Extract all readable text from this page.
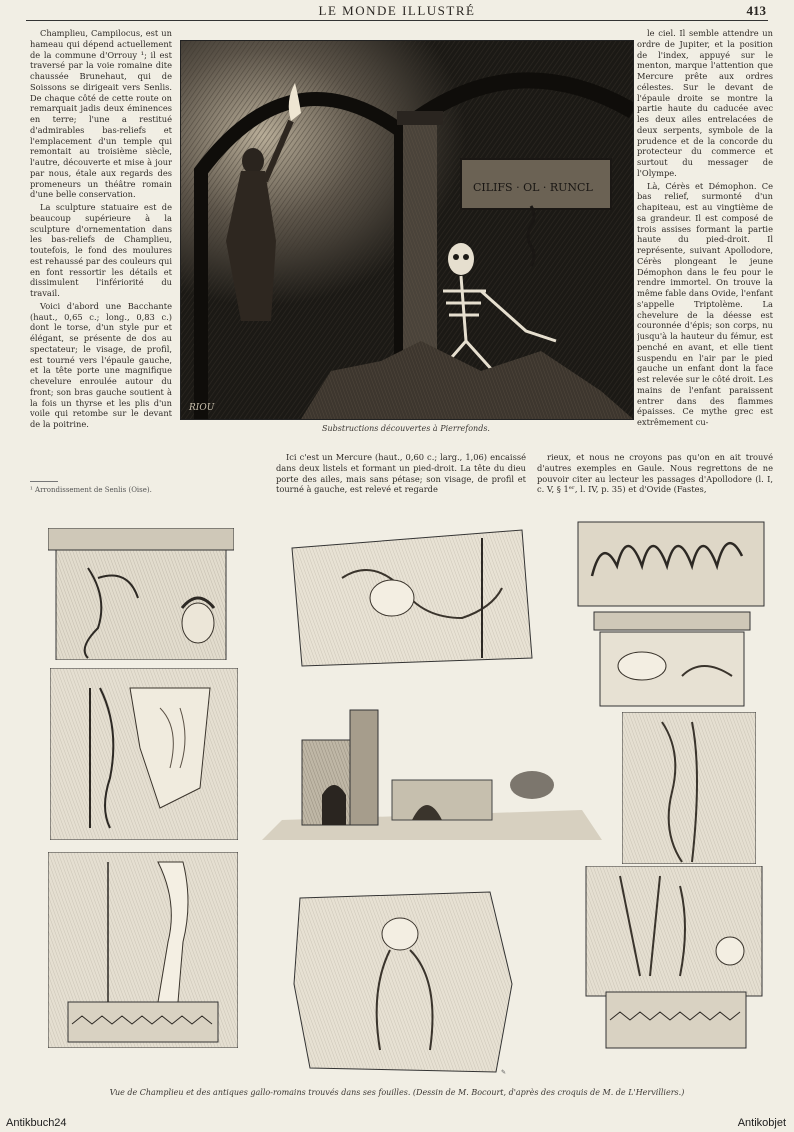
LE MONDE ILLUSTRÉ	413

Champlieu, Campilocus, est un hameau qui dépend actuellement de la commune d'Orrouy ¹; il est traversé par la voie romaine dite chaussée Brunehaut, qui de Soissons se dirigeait vers Senlis. De chaque côté de cette route on remarquait jadis deux éminences en terre; l'une a restitué d'admirables bas-reliefs et l'emplacement d'un temple qui remontait au troisième siècle, l'autre, découverte et mise à jour par nous, étale aux regards des promeneurs un théâtre romain d'une belle conservation.

La sculpture statuaire est de beaucoup supérieure à la sculpture d'ornementation dans les bas-reliefs de Champlieu, toutefois, le fond des moulures est rehaussé par des couleurs qui en font ressortir les détails et dissimulent l'infériorité du travail.

Voici d'abord une Bacchante (haut., 0,65 c.; long., 0,83 c.) dont le torse, d'un style pur et élégant, se présente de dos au spectateur; le visage, de profil, est tourné vers l'épaule gauche, et la tête porte une magnifique chevelure enroulée autour du front; son bras gauche soutient à la fois un thyrse et les plis d'un voile qui retombe sur le devant de la poitrine.

CILIFS · OL · RUNCL
RIOU
Substructions découvertes à Pierrefonds.

le ciel. Il semble attendre un ordre de Jupiter, et la position de l'index, appuyé sur le menton, marque l'attention que Mercure prête aux ordres célestes. Sur le devant de l'épaule droite se montre la partie haute du caducée avec les deux ailes entrelacées de deux serpents, symbole de la prudence et de la concorde du protecteur du commerce et surtout du messager de l'Olympe.

Là, Cérès et Démophon. Ce bas relief, surmonté d'un chapiteau, est au vingtième de sa grandeur. Il est composé de trois assises formant la partie haute du pied-droit. Il représente, suivant Apollodore, Cérès plongeant le jeune Démophon dans le feu pour le rendre immortel. On trouve la même fable dans Ovide, l'enfant s'appelle Triptolème. La chevelure de la déesse est couronnée d'épis; son corps, nu jusqu'à la hauteur du fémur, est penché en avant, et elle tient suspendu en l'air par le pied gauche un enfant dont la face est relevée sur le côté droit. Les mains de l'enfant paraissent entrer dans des flammes épaisses. Ce mythe grec est extrêmement cu-

Ici c'est un Mercure (haut., 0,60 c.; larg., 1,06) encaissé dans deux listels et formant un pied-droit. La tête du dieu porte des ailes, mais sans pétase; son visage, de profil et tourné à gauche, est relevé et regarde

rieux, et nous ne croyons pas qu'on en ait trouvé d'autres exemples en Gaule. Nous regrettons de ne pouvoir citer au lecteur les passages d'Apollodore (l. I, c. V, § 1ᵉʳ, l. IV, p. 35) et d'Ovide (Fastes,

¹ Arrondissement de Senlis (Oise).
✎
Vue de Champlieu et des antiques gallo-romains trouvés dans ses fouilles. (Dessin de M. Bocourt, d'après des croquis de M. de L'Hervilliers.)
Antikbuch24	Antikobjet
